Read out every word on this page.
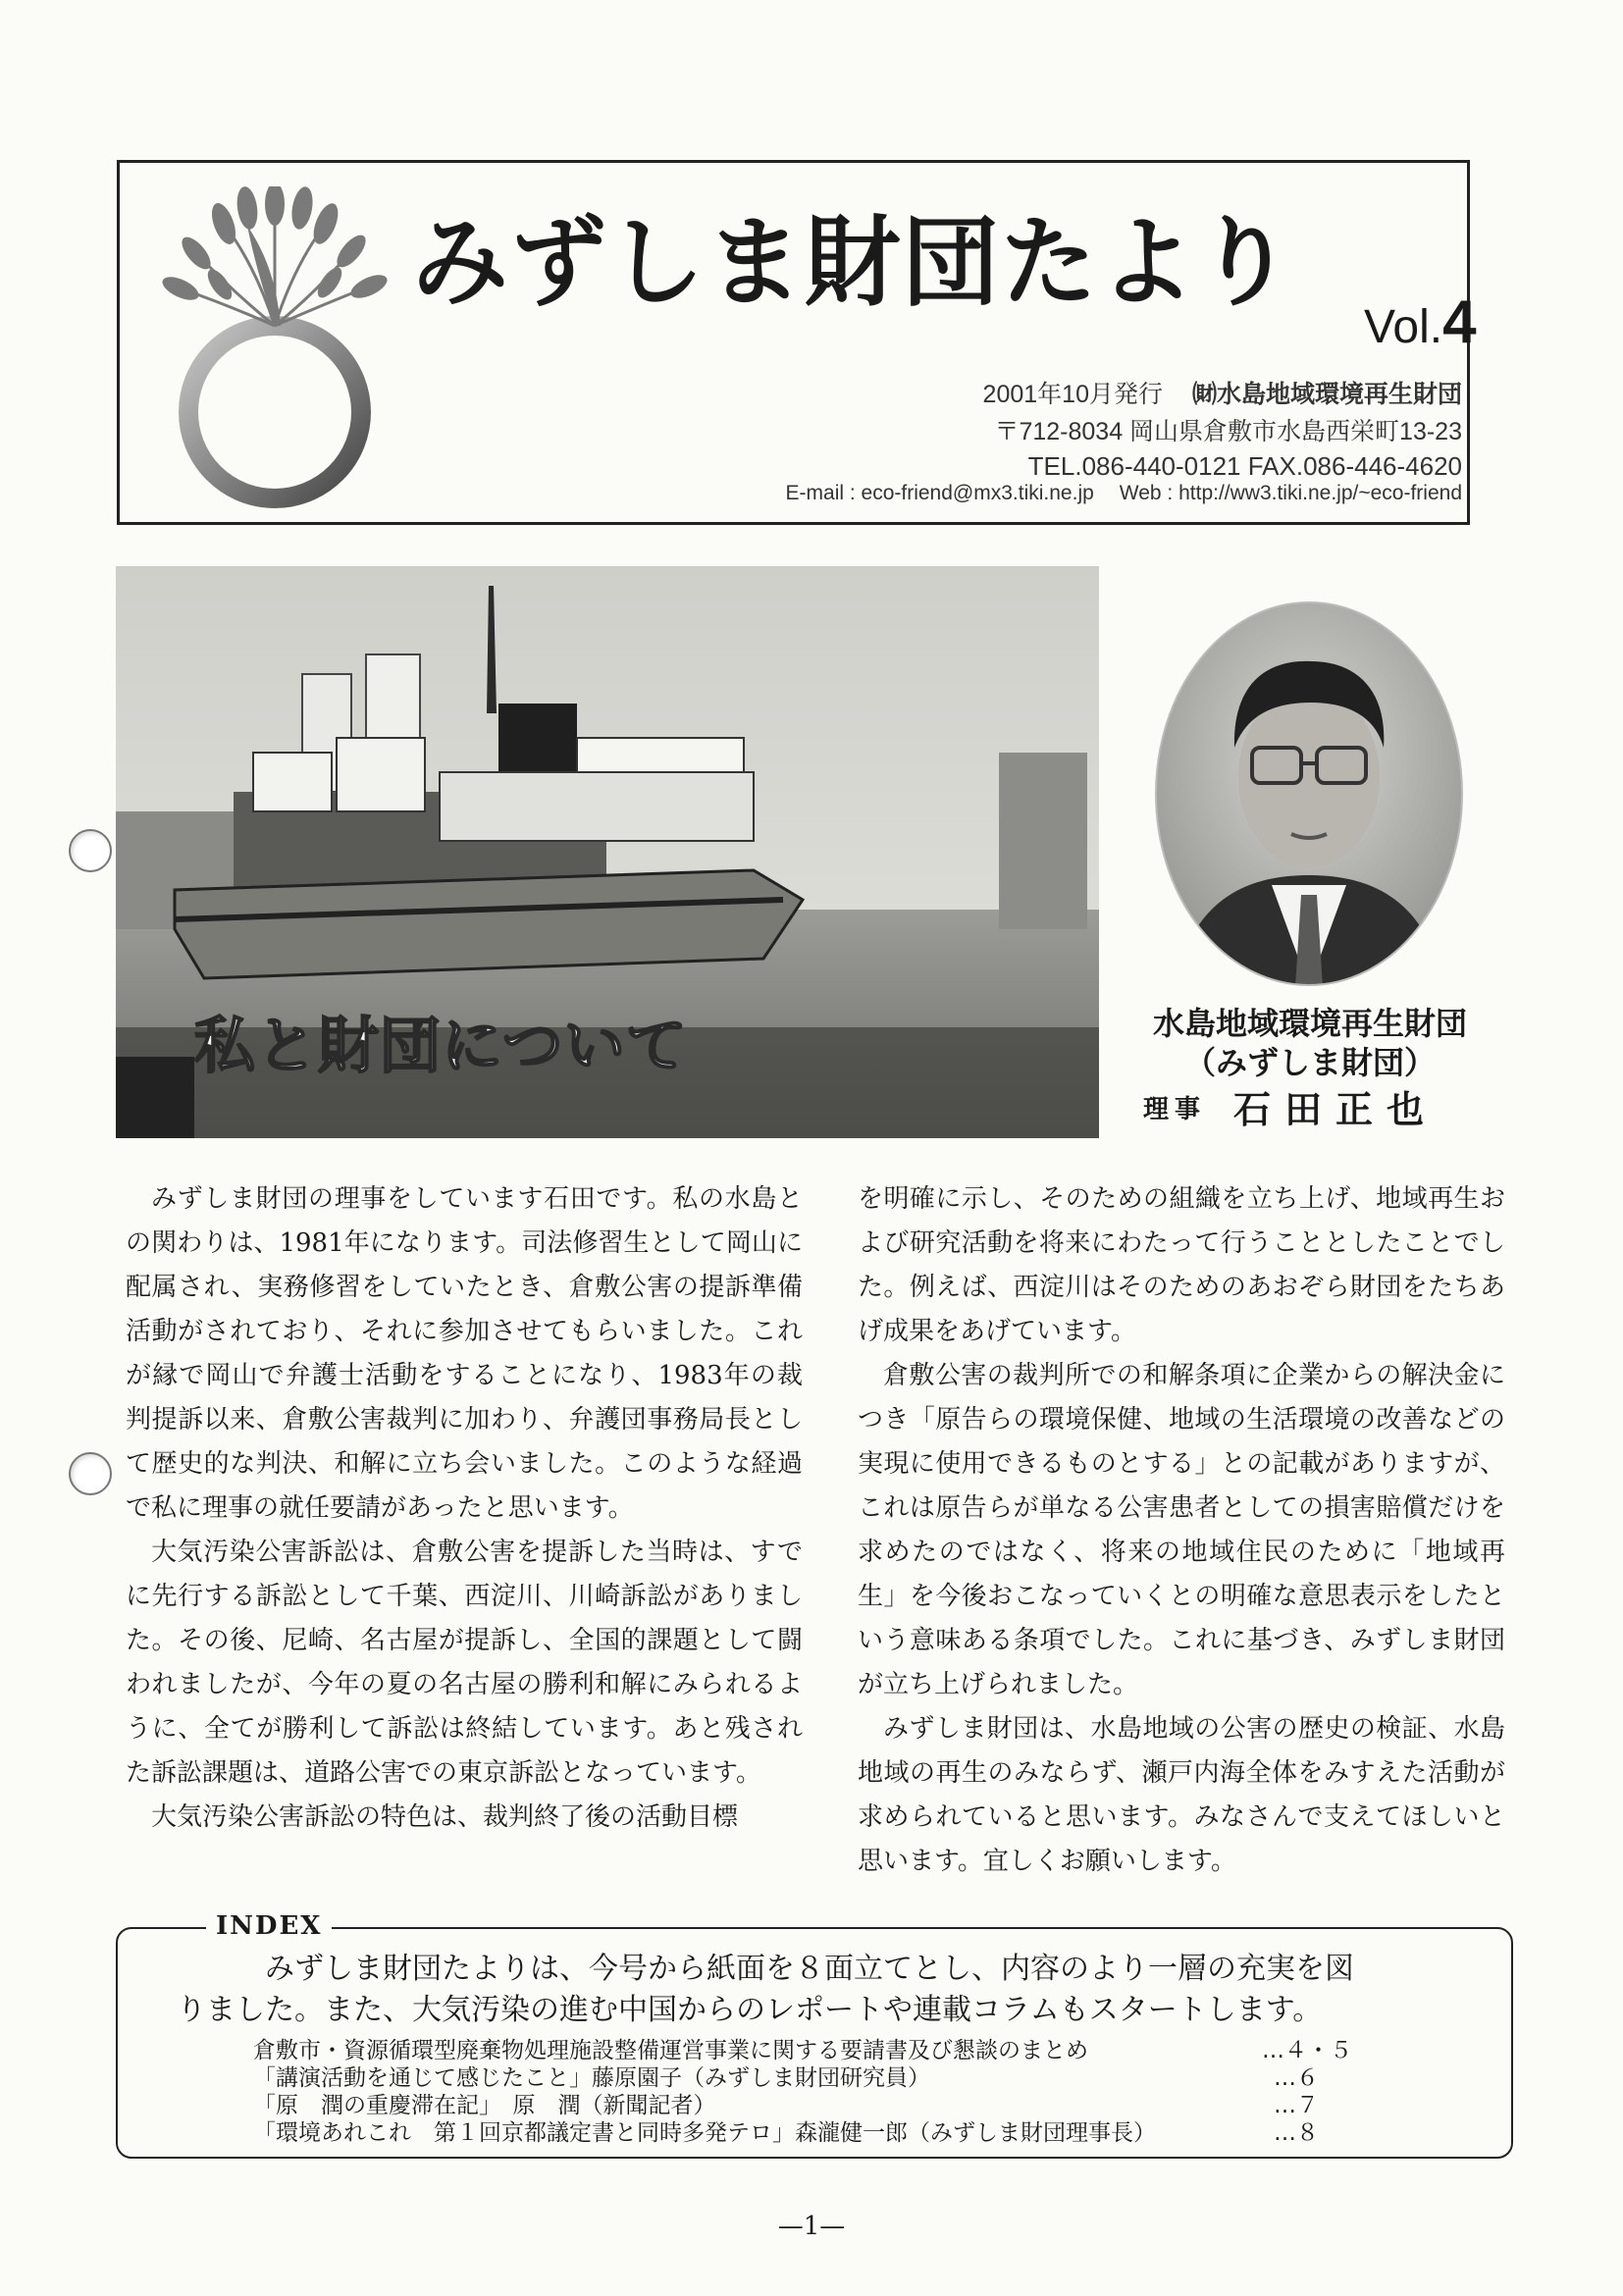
みずしま財団たより
Vol.4
2001年10月発行 ㈶水島地域環境再生財団
〒712-8034 岡山県倉敷市水島西栄町13-23
TEL.086-440-0121 FAX.086-446-4620
E-mail : eco-friend@mx3.tiki.ne.jp Web : http://ww3.tiki.ne.jp/~eco-friend
私と財団について	水島地域環境再生財団
（みずしま財団）
理事 石田正也

みずしま財団の理事をしています石田です。私の水島との関わりは、1981年になります。司法修習生として岡山に配属され、実務修習をしていたとき、倉敷公害の提訴準備活動がされており、それに参加させてもらいました。これが縁で岡山で弁護士活動をすることになり、1983年の裁判提訴以来、倉敷公害裁判に加わり、弁護団事務局長として歴史的な判決、和解に立ち会いました。このような経過で私に理事の就任要請があったと思います。

大気汚染公害訴訟は、倉敷公害を提訴した当時は、すでに先行する訴訟として千葉、西淀川、川崎訴訟がありました。その後、尼崎、名古屋が提訴し、全国的課題として闘われましたが、今年の夏の名古屋の勝利和解にみられるように、全てが勝利して訴訟は終結しています。あと残された訴訟課題は、道路公害での東京訴訟となっています。

大気汚染公害訴訟の特色は、裁判終了後の活動目標

を明確に示し、そのための組織を立ち上げ、地域再生および研究活動を将来にわたって行うこととしたことでした。例えば、西淀川はそのためのあおぞら財団をたちあげ成果をあげています。

倉敷公害の裁判所での和解条項に企業からの解決金につき「原告らの環境保健、地域の生活環境の改善などの実現に使用できるものとする」との記載がありますが、これは原告らが単なる公害患者としての損害賠償だけを求めたのではなく、将来の地域住民のために「地域再生」を今後おこなっていくとの明確な意思表示をしたという意味ある条項でした。これに基づき、みずしま財団が立ち上げられました。

みずしま財団は、水島地域の公害の歴史の検証、水島地域の再生のみならず、瀬戸内海全体をみすえた活動が求められていると思います。みなさんで支えてほしいと思います。宜しくお願いします。

INDEX
みずしま財団たよりは、今号から紙面を８面立てとし、内容のより一層の充実を図
りました。また、大気汚染の進む中国からのレポートや連載コラムもスタートします。
倉敷市・資源循環型廃棄物処理施設整備運営事業に関する要請書及び懇談のまとめ	…４・５
「講演活動を通じて感じたこと」藤原園子（みずしま財団研究員）	…６
「原　潤の重慶滞在記」　原　潤（新聞記者）	…７
「環境あれこれ　第１回京都議定書と同時多発テロ」森瀧健一郎（みずしま財団理事長）	…８
—1—
